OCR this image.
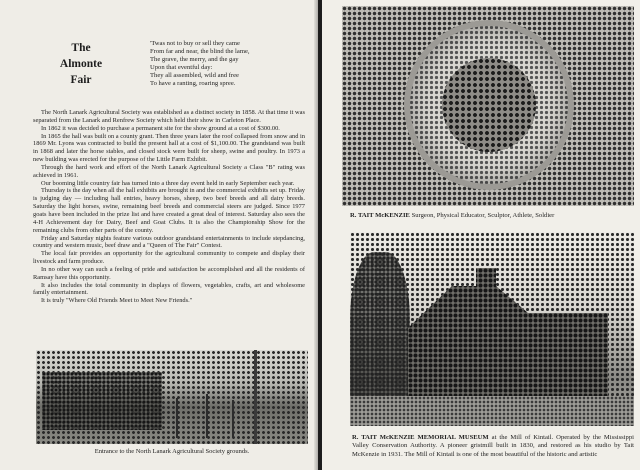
The
Almonte
Fair
'Twas not to buy or sell they came
From far and near, the blind the lame,
The grave, the merry, and the gay
Upon that eventful day:
They all assembled, wild and free
To have a ranting, roaring spree.

The North Lanark Agricultural Society was established as a distinct society in 1858. At that time it was separated from the Lanark and Renfrew Society which held their show in Carleton Place.

In 1862 it was decided to purchase a permanent site for the show ground at a cost of $300.00.

In 1865 the hall was built on a county grant. Then three years later the roof collapsed from snow and in 1869 Mr. Lyons was contracted to build the present hall at a cost of $1,100.00. The grandstand was built in 1868 and later the horse stables, and closed stock were built for sheep, swine and poultry. In 1973 a new building was erected for the purpose of the Little Farm Exhibit.

Through the hard work and effort of the North Lanark Agricultural Society a Class "B" rating was achieved in 1961.

Our booming little country fair has turned into a three day event held in early September each year.

Thursday is the day when all the hall exhibits are brought in and the commercial exhibits set up. Friday is judging day — including hall entries, heavy horses, sheep, two beef breeds and all dairy breeds. Saturday the light horses, swine, remaining beef breeds and commercial steers are judged. Since 1977 goats have been included in the prize list and have created a great deal of interest. Saturday also sees the 4-H Achievement day for Dairy, Beef and Goat Clubs. It is also the Championship Show for the remaining clubs from other parts of the county.

Friday and Saturday nights feature various outdoor grandstand entertainments to include stepdancing, country and western music, beef draw and a "Queen of The Fair" Contest.

The local fair provides an opportunity for the agricultural community to compete and display their livestock and farm produce.

In no other way can such a feeling of pride and satisfaction be accomplished and all the residents of Ramsay have this opportunity.

It also includes the total community in displays of flowers, vegetables, crafts, art and wholesome family entertainment.

It is truly "Where Old Friends Meet to Meet New Friends."

Entrance to the North Lanark Agricultural Society grounds.
R. TAIT McKENZIE Surgeon, Physical Educator, Sculptor, Athlete, Soldier
R. TAIT McKENZIE MEMORIAL MUSEUM at the Mill of Kintail. Operated by the Mississippi Valley Conservation Authority. A pioneer gristmill built in 1830, and restored as his studio by Tait McKenzie in 1931. The Mill of Kintail is one of the most beautiful of the historic and artistic
